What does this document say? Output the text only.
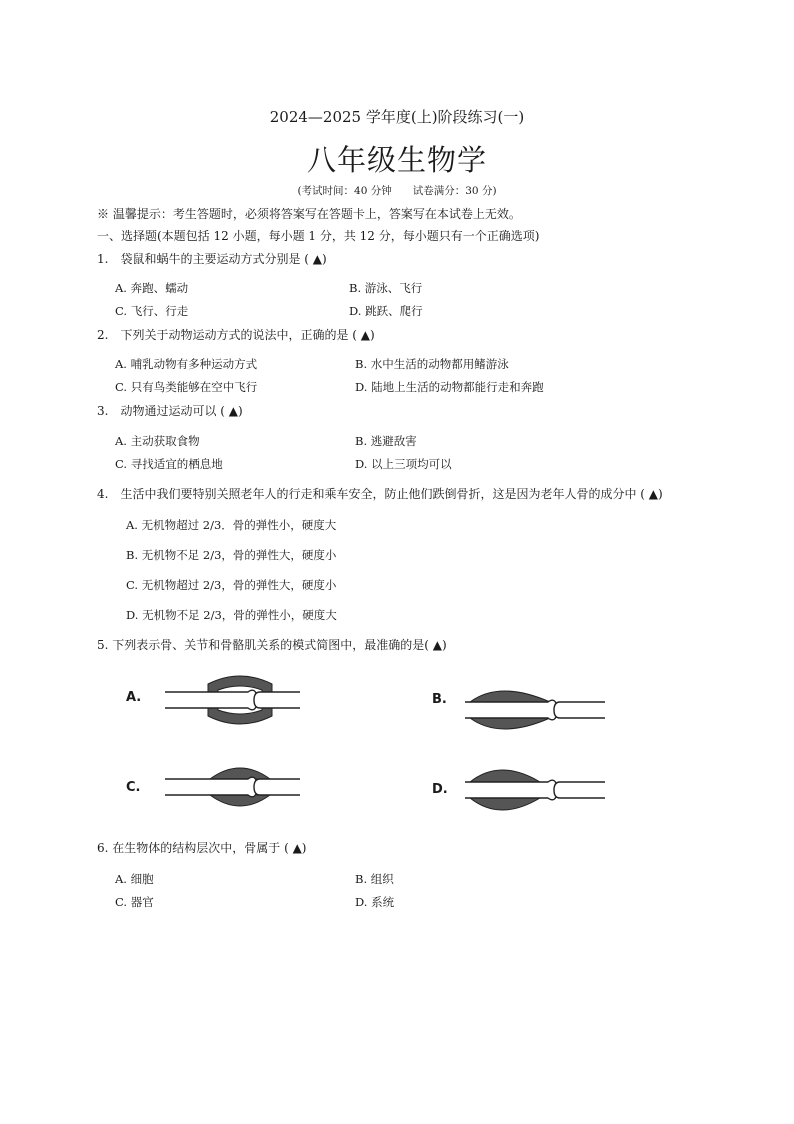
2024—2025 学年度(上)阶段练习(一)
八年级生物学
(考试时间：40 分钟　　试卷满分：30 分)
※ 温馨提示：考生答题时，必须将答案写在答题卡上，答案写在本试卷上无效。
一、选择题(本题包括 12 小题，每小题 1 分，共 12 分，每小题只有一个正确选项)
1.　袋鼠和蜗牛的主要运动方式分别是 ( ▲)
A. 奔跑、蠕动	B. 游泳、飞行
C. 飞行、行走	D. 跳跃、爬行
2.　下列关于动物运动方式的说法中，正确的是 ( ▲)
A. 哺乳动物有多种运动方式	B. 水中生活的动物都用鳍游泳
C. 只有鸟类能够在空中飞行	D. 陆地上生活的动物都能行走和奔跑
3.　动物通过运动可以 ( ▲)
A. 主动获取食物	B. 逃避敌害
C. 寻找适宜的栖息地	D. 以上三项均可以
4.　生活中我们要特别关照老年人的行走和乘车安全，防止他们跌倒骨折，这是因为老年人骨的成分中 ( ▲)
A. 无机物超过 2/3．骨的弹性小，硬度大
B. 无机物不足 2/3，骨的弹性大，硬度小
C. 无机物超过 2/3，骨的弹性大，硬度小
D. 无机物不足 2/3，骨的弹性小，硬度大
5. 下列表示骨、关节和骨骼肌关系的模式简图中，最准确的是( ▲)
A.	B.
C.	D.
6. 在生物体的结构层次中，骨属于 ( ▲)
A. 细胞	B. 组织
C. 器官	D. 系统
